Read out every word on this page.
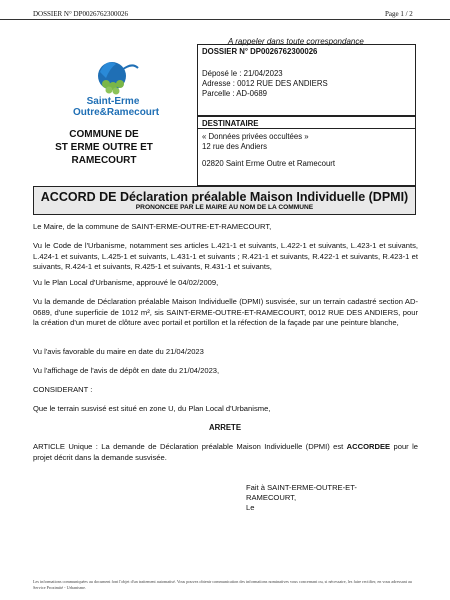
DOSSIER N° DP0026762300026	Page 1 / 2
A rappeler dans toute correspondance
Saint-Erme
Outre&Ramecourt
COMMUNE DE
ST ERME OUTRE ET
RAMECOURT
DOSSIER N° DP0026762300026
Déposé le : 21/04/2023
Adresse : 0012 RUE DES ANDIERS
Parcelle : AD-0689
DESTINATAIRE
« Données privées occultées »
12 rue des Andiers
02820 Saint Erme Outre et Ramecourt
ACCORD DE Déclaration préalable Maison Individuelle (DPMI)
PRONONCEE PAR LE MAIRE AU NOM DE LA COMMUNE
Le Maire, de la commune de SAINT-ERME-OUTRE-ET-RAMECOURT,
Vu le Code de l'Urbanisme, notamment ses articles L.421-1 et suivants, L.422-1 et suivants, L.423-1 et suivants, L.424-1 et suivants, L.425-1 et suivants, L.431-1 et suivants ; R.421-1 et suivants, R.422-1 et suivants, R.423-1 et suivants, R.424-1 et suivants, R.425-1 et suivants, R.431-1 et suivants,
Vu le Plan Local d'Urbanisme, approuvé le 04/02/2009,
Vu la demande de Déclaration préalable Maison Individuelle (DPMI) susvisée, sur un terrain cadastré section AD-0689, d'une superficie de 1012 m², sis SAINT-ERME-OUTRE-ET-RAMECOURT, 0012 RUE DES ANDIERS, pour la création d'un muret de clôture avec portail et portillon et la réfection de la façade par une peinture blanche,
Vu l'avis favorable du maire en date du 21/04/2023
Vu l'affichage de l'avis de dépôt en date du 21/04/2023,
CONSIDERANT :
Que le terrain susvisé est situé en zone U, du Plan Local d'Urbanisme,
ARRETE
ARTICLE Unique : La demande de Déclaration préalable Maison Individuelle (DPMI) est ACCORDEE pour le projet décrit dans la demande susvisée.
Fait à SAINT-ERME-OUTRE-ET-
RAMECOURT,
Le
Les informations communiquées au document font l'objet d'un traitement automatisé. Vous pouvez obtenir communication des informations nominatives vous concernant ou, si nécessaire, les faire rectifier, en vous adressant au Service Proximité - Urbanisme.
